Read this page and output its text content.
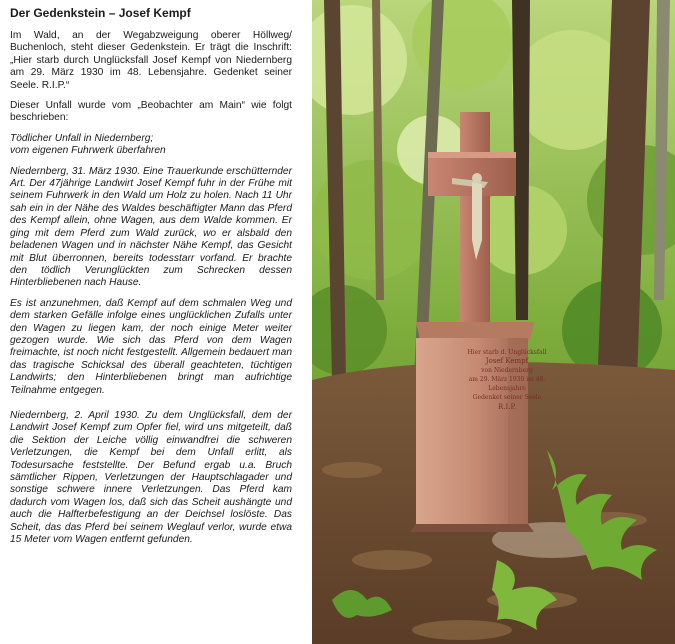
Der Gedenkstein – Josef Kempf

Im Wald, an der Wegabzweigung oberer Höllweg/ Buchenloch, steht dieser Gedenkstein. Er trägt die Inschrift: „Hier starb durch Unglücksfall Josef Kempf von Niedernberg am 29. März 1930 im 48. Lebensjahre. Gedenket seiner Seele. R.I.P.“

Dieser Unfall wurde vom „Beobachter am Main“ wie folgt beschrieben:

Tödlicher Unfall in Niedernberg;
vom eigenen Fuhrwerk überfahren

Niedernberg, 31. März 1930. Eine Trauerkunde erschütternder Art. Der 47jährige Landwirt Josef Kempf fuhr in der Frühe mit seinem Fuhrwerk in den Wald um Holz zu holen. Nach 11 Uhr sah ein in der Nähe des Waldes beschäftigter Mann das Pferd des Kempf allein, ohne Wagen, aus dem Walde kommen. Er ging mit dem Pferd zum Wald zurück, wo er alsbald den beladenen Wagen und in nächster Nähe Kempf, das Gesicht mit Blut überronnen, bereits todesstarr vorfand. Er brachte den tödlich Verunglückten zum Schrecken dessen Hinterbliebenen nach Hause.

Es ist anzunehmen, daß Kempf auf dem schmalen Weg und dem starken Gefälle infolge eines unglücklichen Zufalls unter den Wagen zu liegen kam, der noch einige Meter weiter gezogen wurde. Wie sich das Pferd von dem Wagen freimachte, ist noch nicht festgestellt. Allgemein bedauert man das tragische Schicksal des überall geachteten, tüchtigen Landwirts; den Hinterbliebenen bringt man aufrichtige Teilnahme entgegen.

Niedernberg, 2. April 1930. Zu dem Unglücksfall, dem der Landwirt Josef Kempf zum Opfer fiel, wird uns mitgeteilt, daß die Sektion der Leiche völlig einwandfrei die schweren Verletzungen, die Kempf bei dem Unfall erlitt, als Todesursache feststellte. Der Befund ergab u.a. Bruch sämtlicher Rippen, Verletzungen der Hauptschlagader und sonstige schwere innere Verletzungen. Das Pferd kam dadurch vom Wagen los, daß sich das Scheit aushängte und auch die Halfterbefestigung an der Deichsel loslöste. Das Scheit, das das Pferd bei seinem Weglauf verlor, wurde etwa 15 Meter vom Wagen entfernt gefunden.

Hier starb d. Unglücksfall
Josef Kempf
von Niedernberg
am 29. März 1930 im 48.
Lebensjahre
Gedenket seiner Seele
R.I.P.
